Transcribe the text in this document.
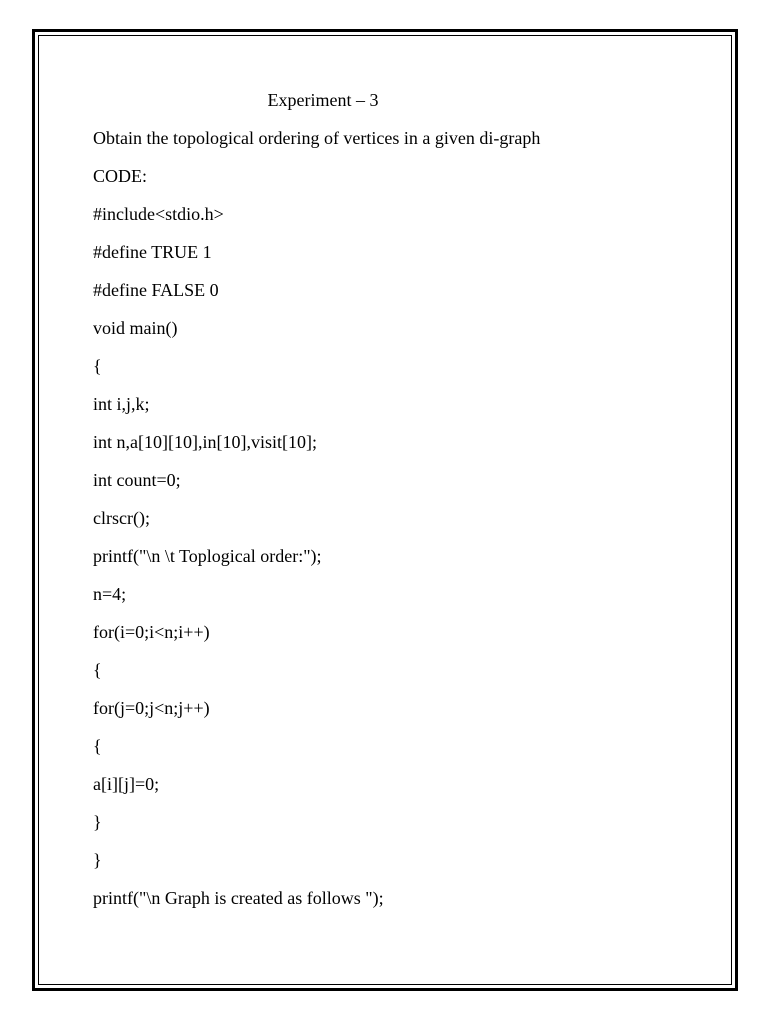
Experiment – 3
Obtain the topological ordering of vertices in a given di-graph
CODE:
#include<stdio.h>
#define TRUE 1
#define FALSE 0
void main()
{
int i,j,k;
int n,a[10][10],in[10],visit[10];
int count=0;
clrscr();
printf("\n \t Toplogical order:");
n=4;
for(i=0;i<n;i++)
{
for(j=0;j<n;j++)
{
a[i][j]=0;
}
}
printf("\n Graph is created as follows ");
